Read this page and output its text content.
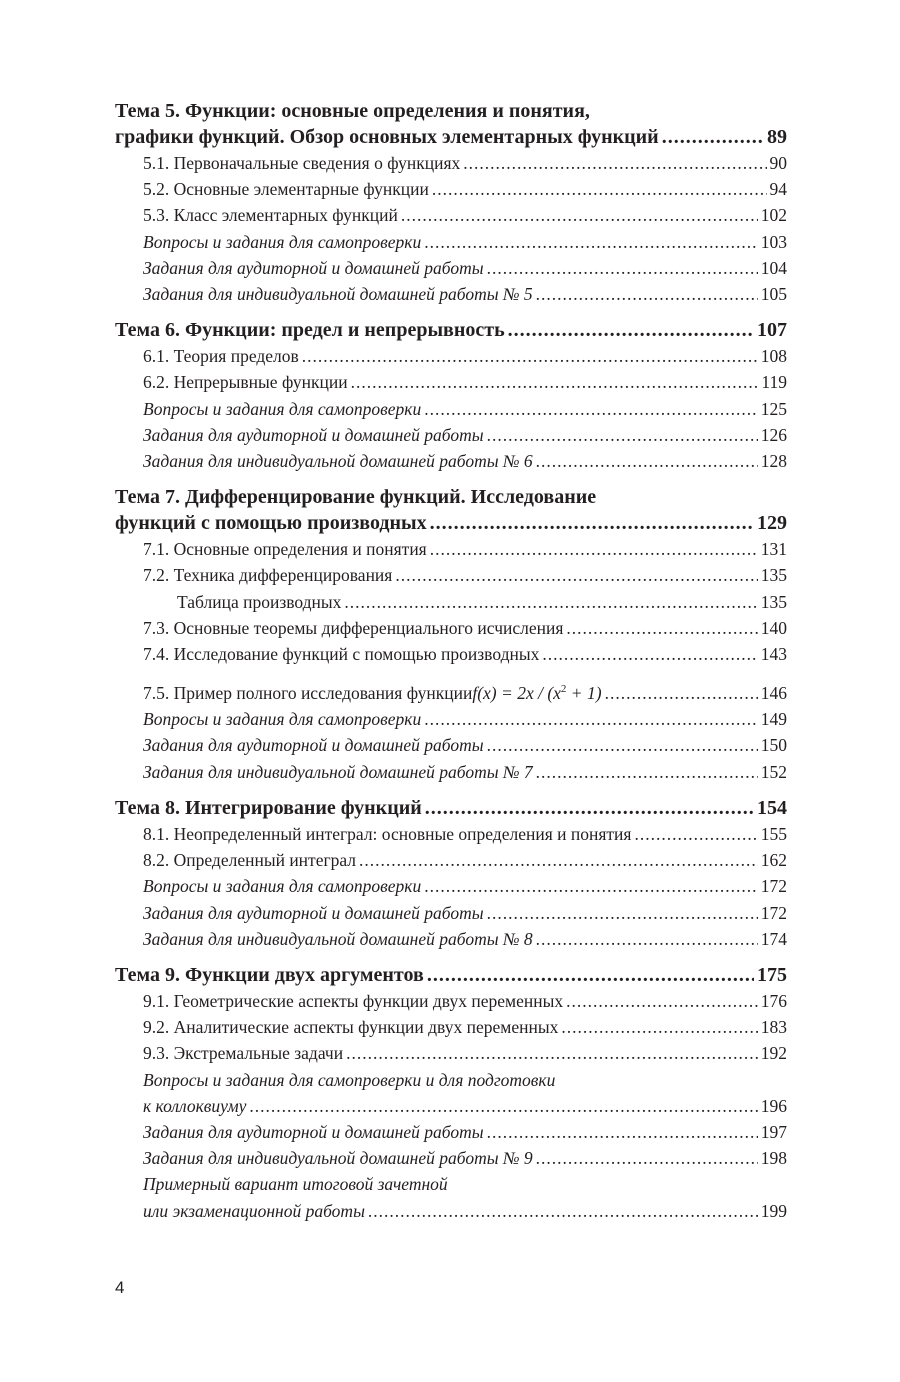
Тема 5. Функции: основные определения и понятия,
графики функций. Обзор основных элементарных функций .....	89
5.1. Первоначальные сведения о функциях .....	90
5.2. Основные элементарные функции .....	94
5.3. Класс элементарных функций .....	102
Вопросы и задания для самопроверки .....	103
Задания для аудиторной и домашней работы .....	104
Задания для индивидуальной домашней работы № 5 .....	105
Тема 6. Функции: предел и непрерывность .....	107
6.1. Теория пределов .....	108
6.2. Непрерывные функции .....	119
Вопросы и задания для самопроверки .....	125
Задания для аудиторной и домашней работы .....	126
Задания для индивидуальной домашней работы № 6 .....	128
Тема 7. Дифференцирование функций. Исследование
функций с помощью производных .....	129
7.1. Основные определения и понятия .....	131
7.2. Техника дифференцирования .....	135
Таблица производных .....	135
7.3. Основные теоремы дифференциального исчисления .....	140
7.4. Исследование функций с помощью производных .....	143
7.5. Пример полного исследования функции $f(x) = 2x / (x^2 + 1)$ .....	146
Вопросы и задания для самопроверки .....	149
Задания для аудиторной и домашней работы .....	150
Задания для индивидуальной домашней работы № 7 .....	152
Тема 8. Интегрирование функций .....	154
8.1. Неопределенный интеграл: основные определения и понятия .....	155
8.2. Определенный интеграл .....	162
Вопросы и задания для самопроверки .....	172
Задания для аудиторной и домашней работы .....	172
Задания для индивидуальной домашней работы № 8 .....	174
Тема 9. Функции двух аргументов .....	175
9.1. Геометрические аспекты функции двух переменных .....	176
9.2. Аналитические аспекты функции двух переменных .....	183
9.3. Экстремальные задачи .....	192
Вопросы и задания для самопроверки и для подготовки
к коллоквиуму .....	196
Задания для аудиторной и домашней работы .....	197
Задания для индивидуальной домашней работы № 9 .....	198
Примерный вариант итоговой зачетной
или экзаменационной работы .....	199
4
